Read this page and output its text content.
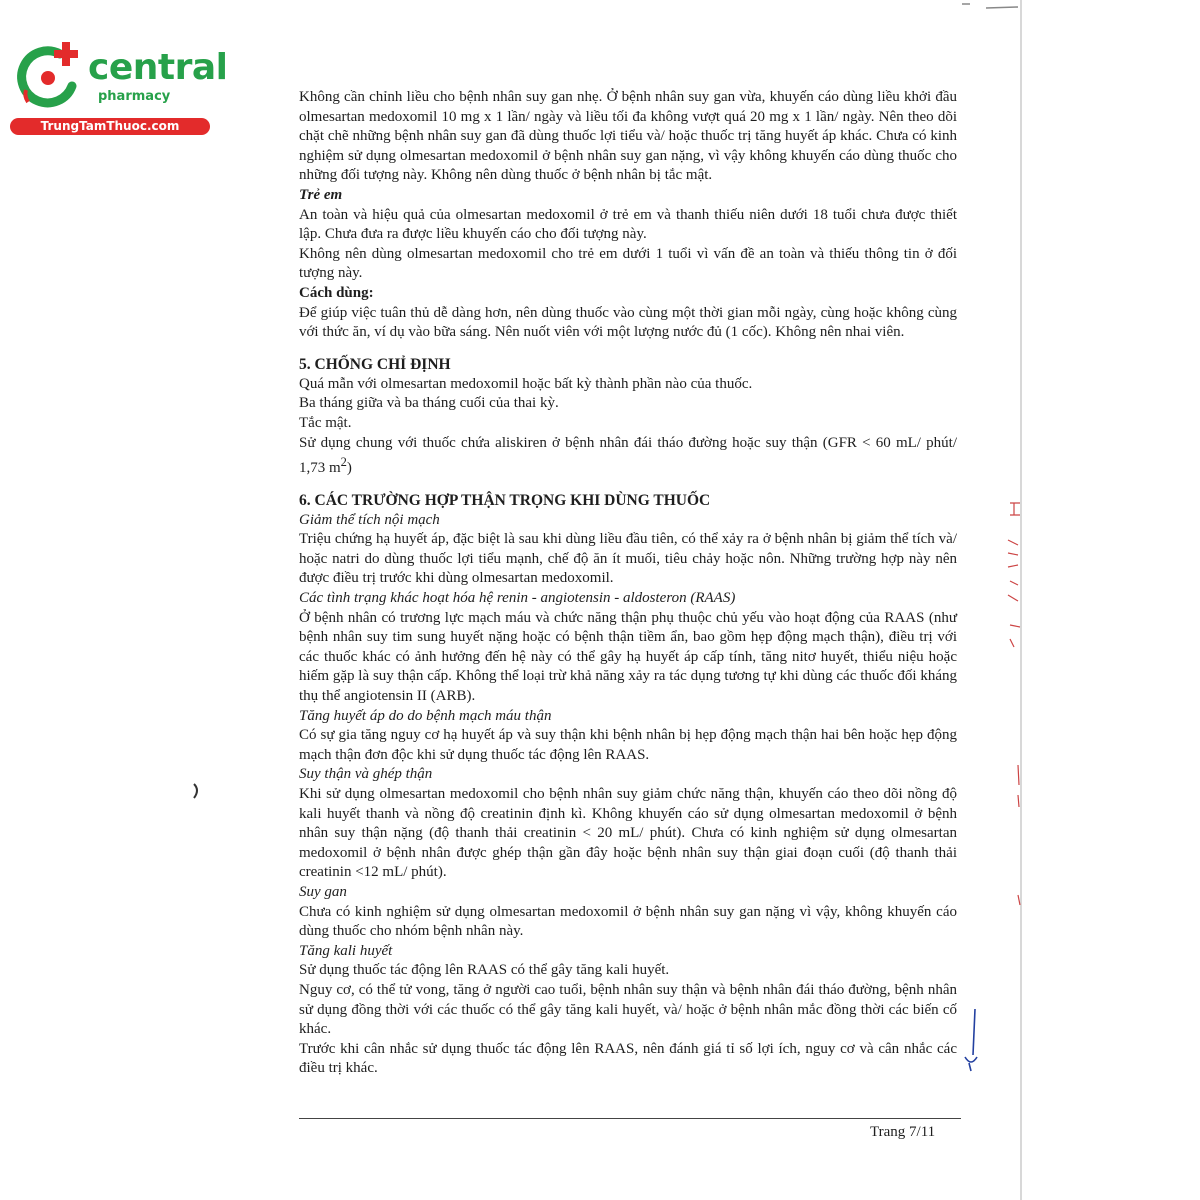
central
pharmacy
TrungTamThuoc.com

Không cần chỉnh liều cho bệnh nhân suy gan nhẹ. Ở bệnh nhân suy gan vừa, khuyến cáo dùng liều khởi đầu olmesartan medoxomil 10 mg x 1 lần/ ngày và liều tối đa không vượt quá 20 mg x 1 lần/ ngày. Nên theo dõi chặt chẽ những bệnh nhân suy gan đã dùng thuốc lợi tiểu và/ hoặc thuốc trị tăng huyết áp khác. Chưa có kinh nghiệm sử dụng olmesartan medoxomil ở bệnh nhân suy gan nặng, vì vậy không khuyến cáo dùng thuốc cho những đối tượng này. Không nên dùng thuốc ở bệnh nhân bị tắc mật.

Trẻ em

An toàn và hiệu quả của olmesartan medoxomil ở trẻ em và thanh thiếu niên dưới 18 tuổi chưa được thiết lập. Chưa đưa ra được liều khuyến cáo cho đối tượng này.

Không nên dùng olmesartan medoxomil cho trẻ em dưới 1 tuổi vì vấn đề an toàn và thiếu thông tin ở đối tượng này.

Cách dùng:

Để giúp việc tuân thủ dễ dàng hơn, nên dùng thuốc vào cùng một thời gian mỗi ngày, cùng hoặc không cùng với thức ăn, ví dụ vào bữa sáng. Nên nuốt viên với một lượng nước đủ (1 cốc). Không nên nhai viên.

5. CHỐNG CHỈ ĐỊNH

Quá mẫn với olmesartan medoxomil hoặc bất kỳ thành phần nào của thuốc.

Ba tháng giữa và ba tháng cuối của thai kỳ.

Tắc mật.

Sử dụng chung với thuốc chứa aliskiren ở bệnh nhân đái tháo đường hoặc suy thận (GFR < 60 mL/ phút/ 1,73 $m^2$)

6. CÁC TRƯỜNG HỢP THẬN TRỌNG KHI DÙNG THUỐC

Giảm thể tích nội mạch

Triệu chứng hạ huyết áp, đặc biệt là sau khi dùng liều đầu tiên, có thể xảy ra ở bệnh nhân bị giảm thể tích và/ hoặc natri do dùng thuốc lợi tiểu mạnh, chế độ ăn ít muối, tiêu chảy hoặc nôn. Những trường hợp này nên được điều trị trước khi dùng olmesartan medoxomil.

Các tình trạng khác hoạt hóa hệ renin - angiotensin - aldosteron (RAAS)

Ở bệnh nhân có trương lực mạch máu và chức năng thận phụ thuộc chủ yếu vào hoạt động của RAAS (như bệnh nhân suy tim sung huyết nặng hoặc có bệnh thận tiềm ẩn, bao gồm hẹp động mạch thận), điều trị với các thuốc khác có ảnh hưởng đến hệ này có thể gây hạ huyết áp cấp tính, tăng nitơ huyết, thiểu niệu hoặc hiếm gặp là suy thận cấp. Không thể loại trừ khả năng xảy ra tác dụng tương tự khi dùng các thuốc đối kháng thụ thể angiotensin II (ARB).

Tăng huyết áp do do bệnh mạch máu thận

Có sự gia tăng nguy cơ hạ huyết áp và suy thận khi bệnh nhân bị hẹp động mạch thận hai bên hoặc hẹp động mạch thận đơn độc khi sử dụng thuốc tác động lên RAAS.

Suy thận và ghép thận

Khi sử dụng olmesartan medoxomil cho bệnh nhân suy giảm chức năng thận, khuyến cáo theo dõi nồng độ kali huyết thanh và nồng độ creatinin định kì. Không khuyến cáo sử dụng olmesartan medoxomil ở bệnh nhân suy thận nặng (độ thanh thải creatinin < 20 mL/ phút). Chưa có kinh nghiệm sử dụng olmesartan medoxomil ở bệnh nhân được ghép thận gần đây hoặc bệnh nhân suy thận giai đoạn cuối (độ thanh thải creatinin <12 mL/ phút).

Suy gan

Chưa có kinh nghiệm sử dụng olmesartan medoxomil ở bệnh nhân suy gan nặng vì vậy, không khuyến cáo dùng thuốc cho nhóm bệnh nhân này.

Tăng kali huyết

Sử dụng thuốc tác động lên RAAS có thể gây tăng kali huyết.

Nguy cơ, có thể tử vong, tăng ở người cao tuổi, bệnh nhân suy thận và bệnh nhân đái tháo đường, bệnh nhân sử dụng đồng thời với các thuốc có thể gây tăng kali huyết, và/ hoặc ở bệnh nhân mắc đồng thời các biến cố khác.

Trước khi cân nhắc sử dụng thuốc tác động lên RAAS, nên đánh giá tỉ số lợi ích, nguy cơ và cân nhắc các điều trị khác.

Trang 7/11
